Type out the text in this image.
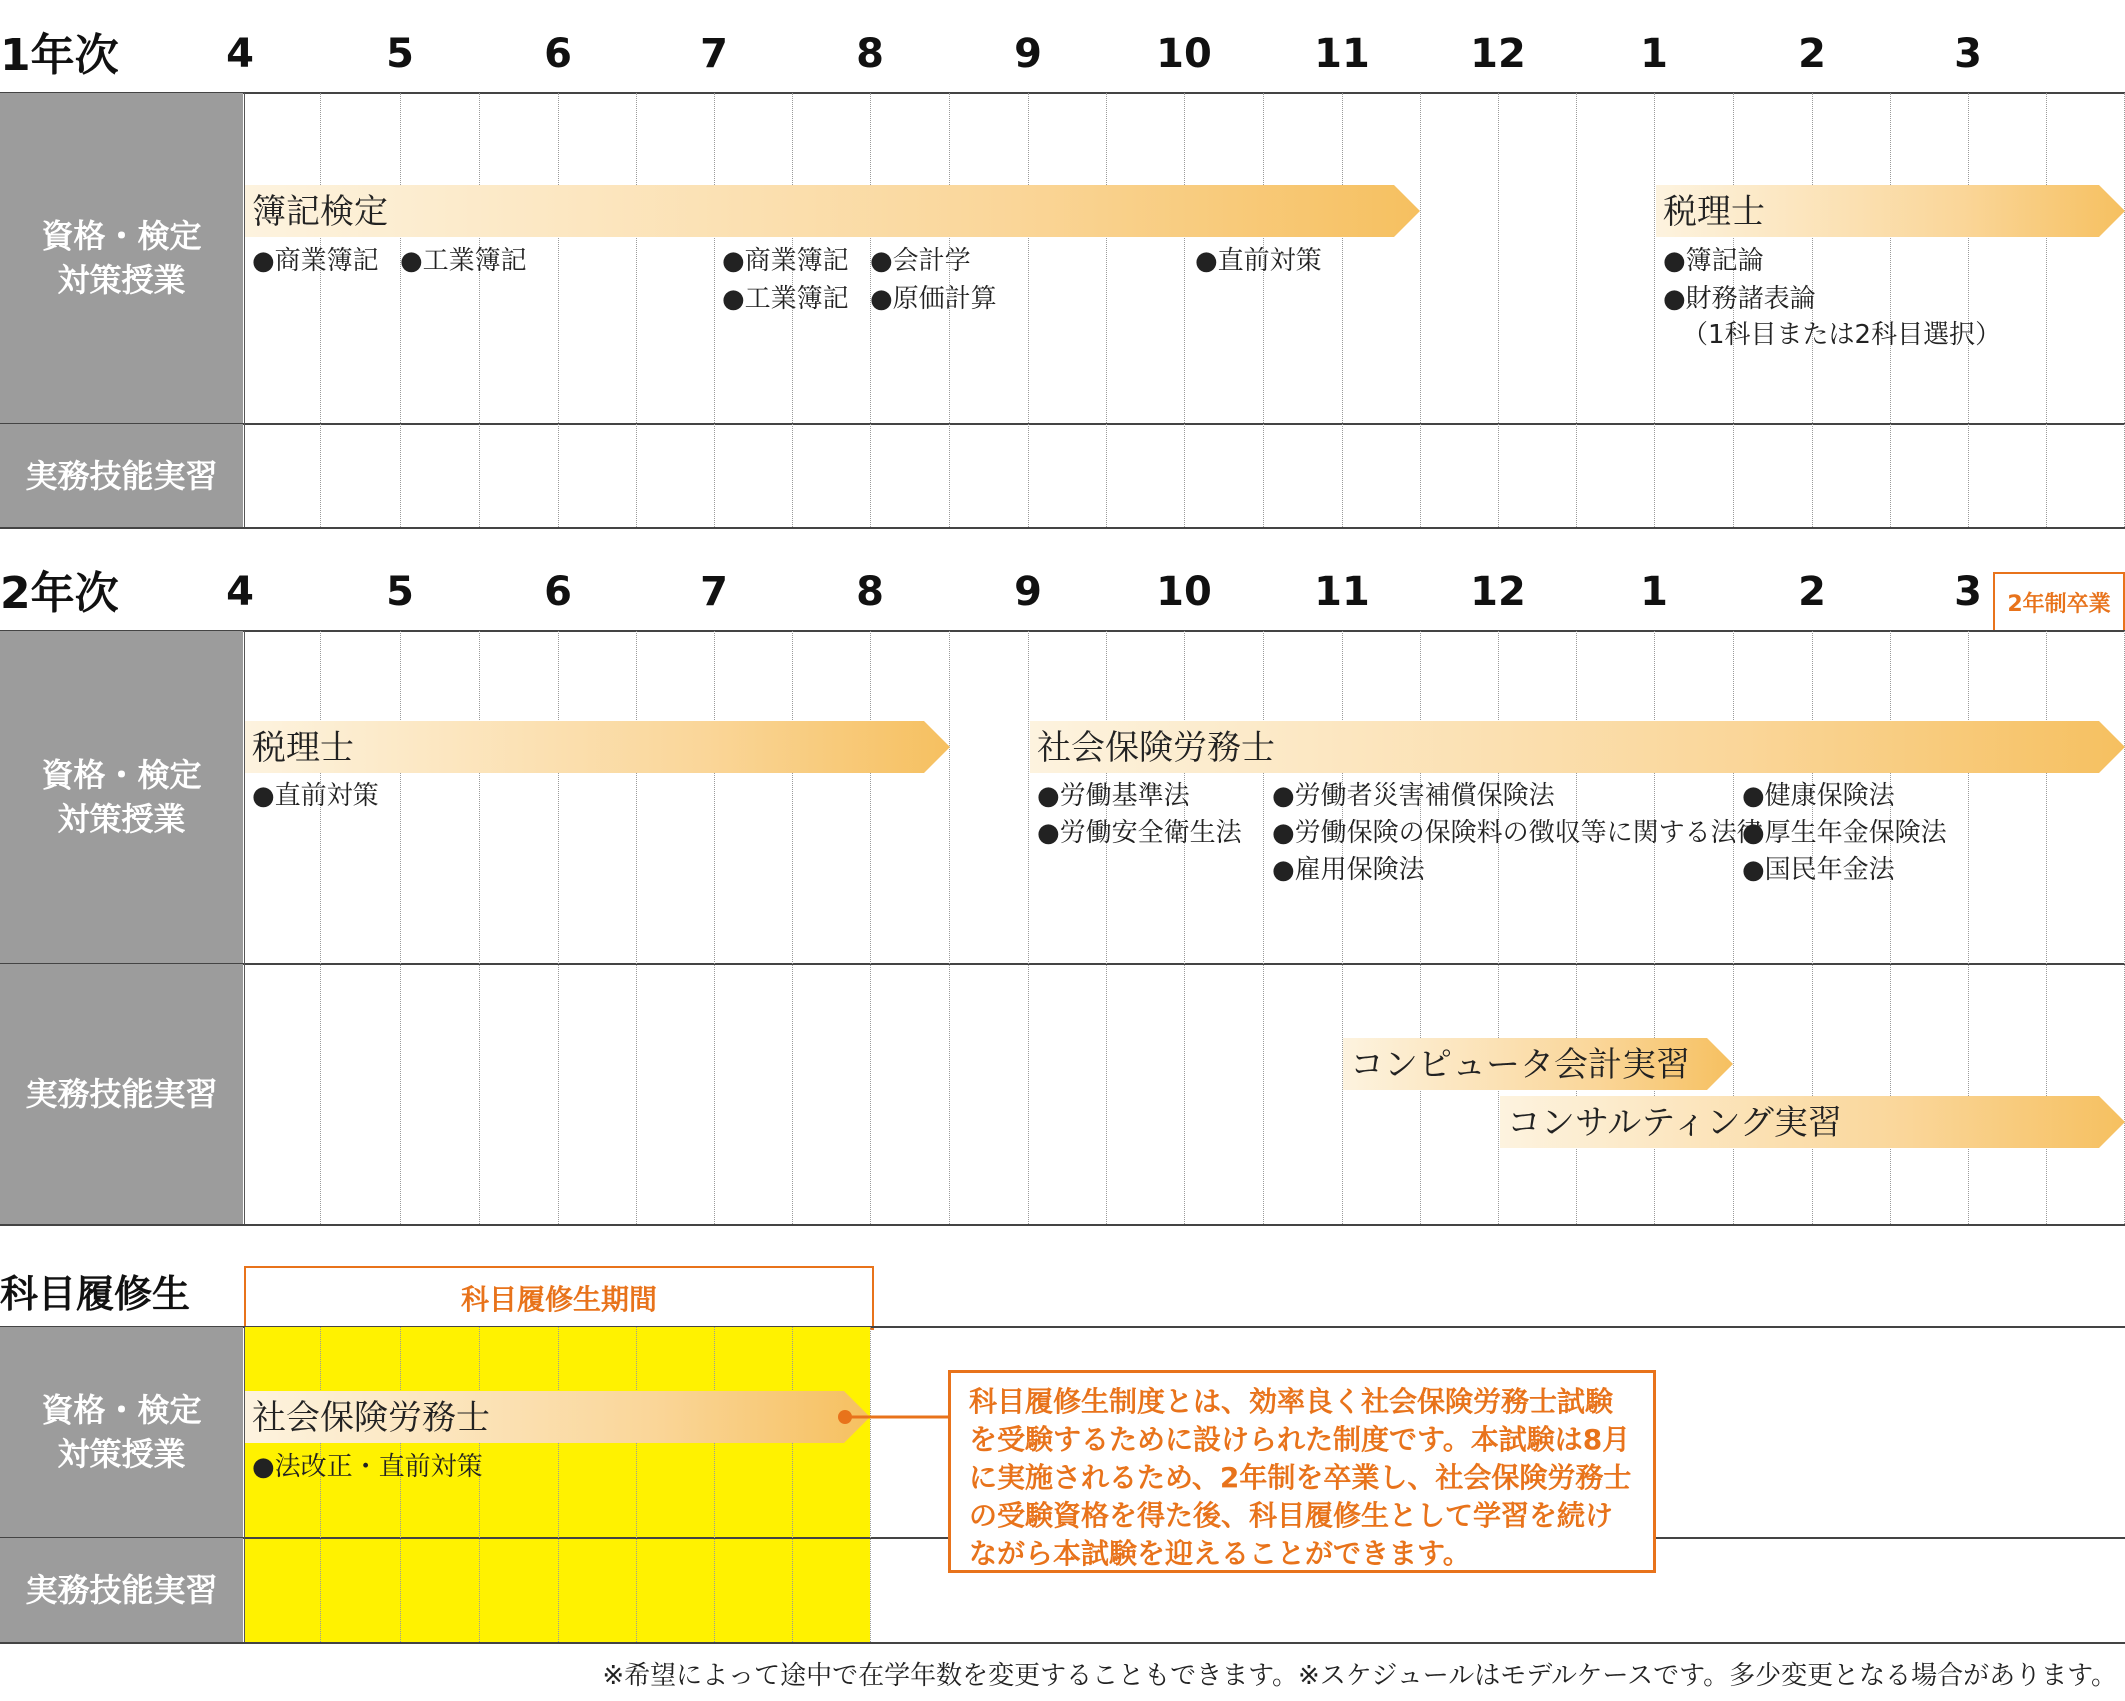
1年次	4	5	6	7	8	9	10	11	12	1	2	3
資格・検定
対策授業
実務技能実習
簿記検定
●商業簿記 ●工業簿記	●商業簿記 ●会計学
●工業簿記 ●原価計算
●直前対策
税理士
●簿記論
●財務諸表論
（1科目または2科目選択）
2年次	4	5	6	7	8	9	10	11	12	1	2	3	2年制卒業
資格・検定
対策授業
実務技能実習
税理士
●直前対策
社会保険労務士
●労働基準法
●労働安全衛生法
●労働者災害補償保険法
●労働保険の保険料の徴収等に関する法律
●雇用保険法
●健康保険法
●厚生年金保険法
●国民年金法
コンピュータ会計実習
コンサルティング実習
科目履修生	科目履修生期間
資格・検定
対策授業
実務技能実習
社会保険労務士
●法改正・直前対策
科目履修生制度とは、効率良く社会保険労務士試験を受験するために設けられた制度です。本試験は8月に実施されるため、2年制を卒業し、社会保険労務士の受験資格を得た後、科目履修生として学習を続けながら本試験を迎えることができます。
※希望によって途中で在学年数を変更することもできます。※スケジュールはモデルケースです。多少変更となる場合があります。
